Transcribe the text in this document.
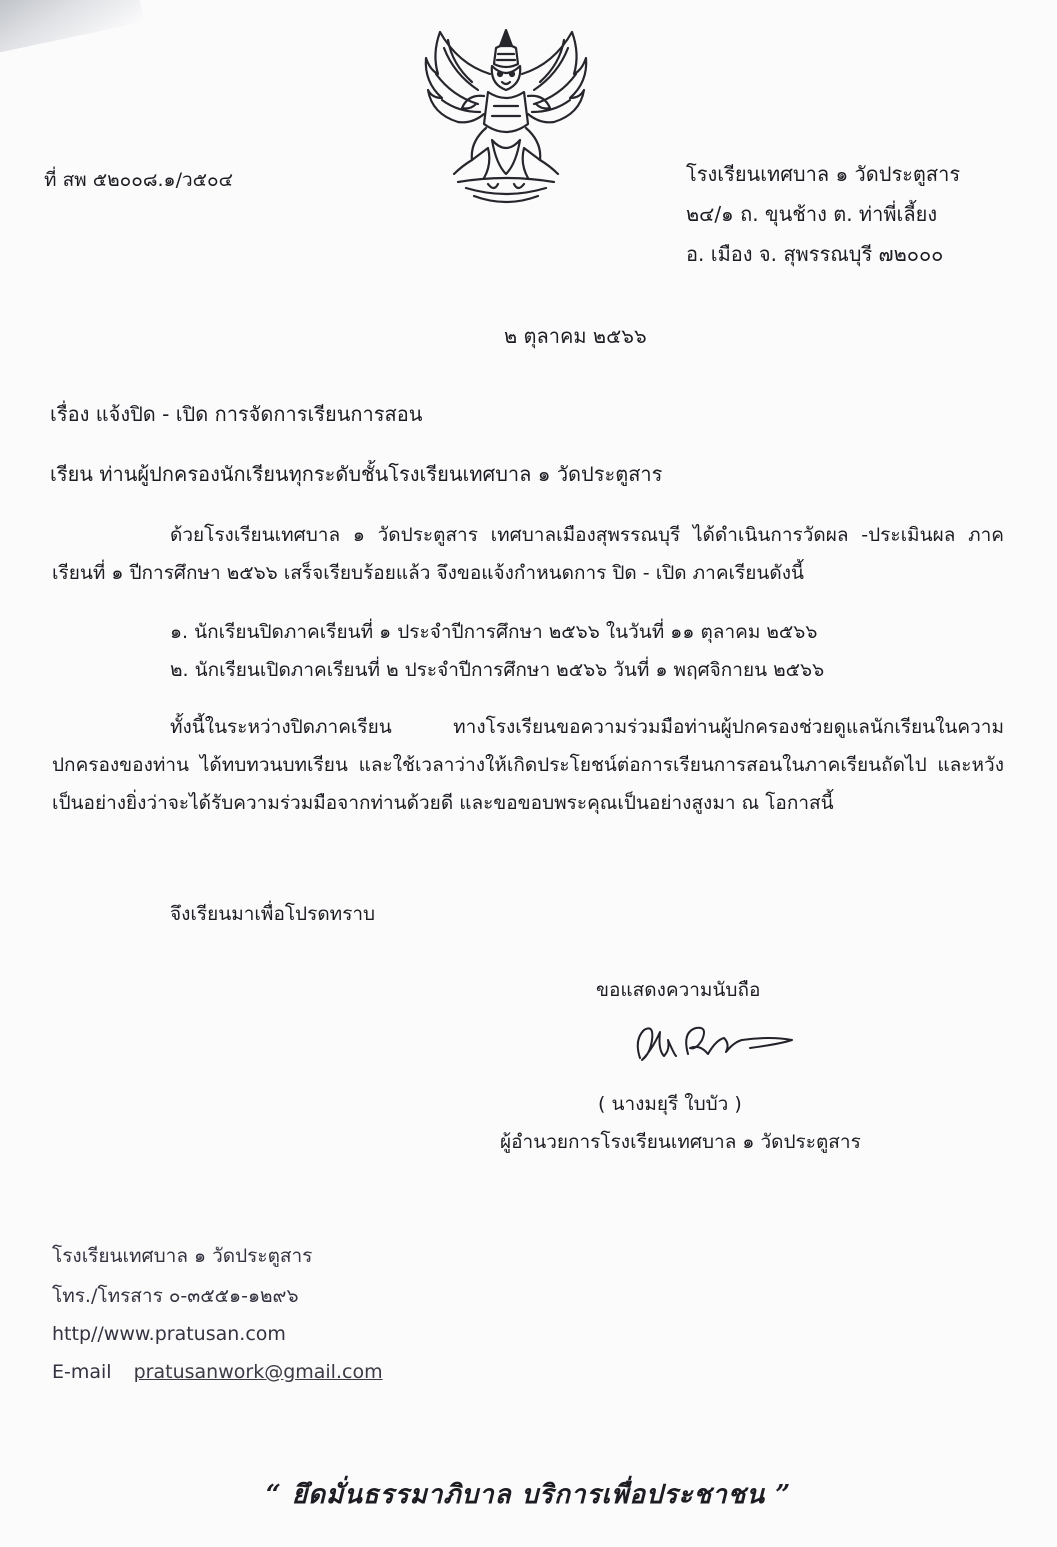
ที่ สพ ๕๒๐๐๘.๑/ว๕๐๔	โรงเรียนเทศบาล ๑ วัดประตูสาร
๒๔/๑ ถ. ขุนช้าง ต. ท่าพี่เลี้ยง
อ. เมือง จ. สุพรรณบุรี ๗๒๐๐๐
๒ ตุลาคม ๒๕๖๖
เรื่อง แจ้งปิด - เปิด การจัดการเรียนการสอน
เรียน ท่านผู้ปกครองนักเรียนทุกระดับชั้นโรงเรียนเทศบาล ๑ วัดประตูสาร
ด้วยโรงเรียนเทศบาล ๑ วัดประตูสาร เทศบาลเมืองสุพรรณบุรี ได้ดำเนินการวัดผล -ประเมินผล ภาคเรียนที่ ๑ ปีการศึกษา ๒๕๖๖ เสร็จเรียบร้อยแล้ว จึงขอแจ้งกำหนดการ ปิด - เปิด ภาคเรียนดังนี้
๑. นักเรียนปิดภาคเรียนที่ ๑ ประจำปีการศึกษา ๒๕๖๖ ในวันที่ ๑๑ ตุลาคม ๒๕๖๖
๒. นักเรียนเปิดภาคเรียนที่ ๒ ประจำปีการศึกษา ๒๕๖๖ วันที่ ๑ พฤศจิกายน ๒๕๖๖
ทั้งนี้ในระหว่างปิดภาคเรียน ทางโรงเรียนขอความร่วมมือท่านผู้ปกครองช่วยดูแลนักเรียนในความปกครองของท่าน ได้ทบทวนบทเรียน และใช้เวลาว่างให้เกิดประโยชน์ต่อการเรียนการสอนในภาคเรียนถัดไป และหวังเป็นอย่างยิ่งว่าจะได้รับความร่วมมือจากท่านด้วยดี และขอขอบพระคุณเป็นอย่างสูงมา ณ โอกาสนี้
จึงเรียนมาเพื่อโปรดทราบ
ขอแสดงความนับถือ
( นางมยุรี ใบบัว )
ผู้อำนวยการโรงเรียนเทศบาล ๑ วัดประตูสาร
โรงเรียนเทศบาล ๑ วัดประตูสาร
โทร./โทรสาร ๐-๓๕๕๑-๑๒๙๖
http//www.pratusan.com
E-mail pratusanwork@gmail.com
“ ยึดมั่นธรรมาภิบาล บริการเพื่อประชาชน ”
